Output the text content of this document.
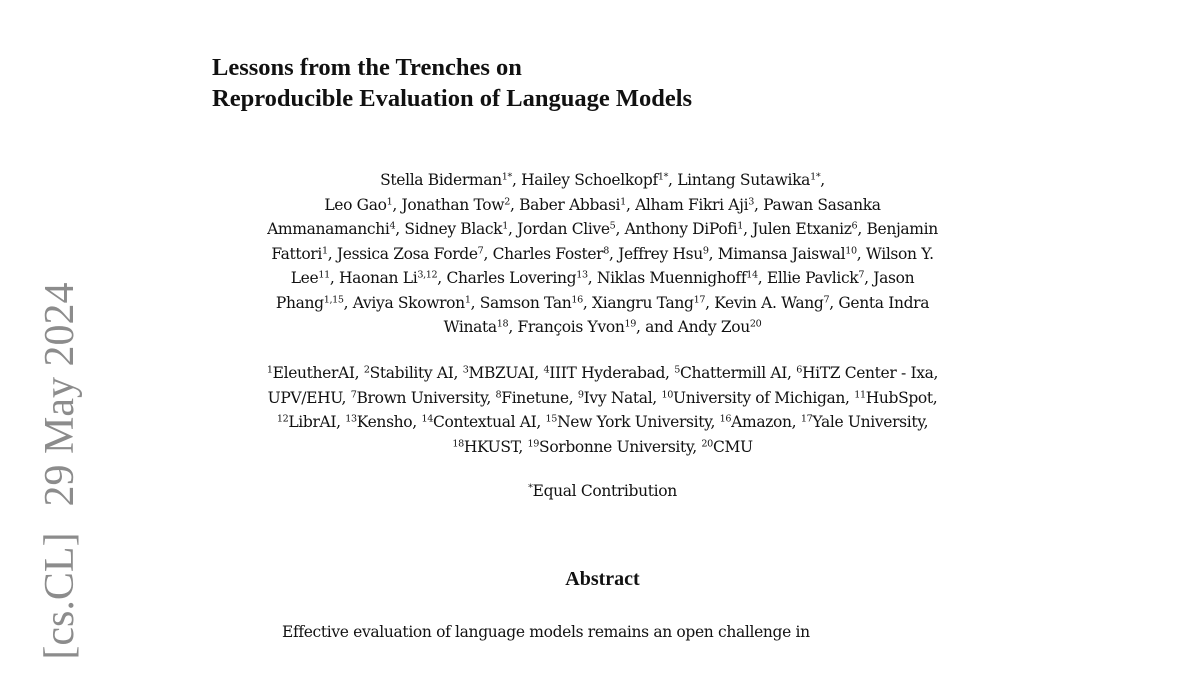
[cs.CL]29 May 2024
Lessons from the Trenches on
Reproducible Evaluation of Language Models

Stella Biderman$^{1*}$, Hailey Schoelkopf$^{1*}$, Lintang Sutawika$^{1*}$,

Leo Gao$^1$, Jonathan Tow$^2$, Baber Abbasi$^1$, Alham Fikri Aji$^3$, Pawan Sasanka

Ammanamanchi$^4$, Sidney Black$^1$, Jordan Clive$^5$, Anthony DiPofi$^1$, Julen Etxaniz$^6$, Benjamin

Fattori$^1$, Jessica Zosa Forde$^7$, Charles Foster$^8$, Jeffrey Hsu$^9$, Mimansa Jaiswal$^{10}$, Wilson Y.

Lee$^{11}$, Haonan Li$^{3,12}$, Charles Lovering$^{13}$, Niklas Muennighoff$^{14}$, Ellie Pavlick$^7$, Jason

Phang$^{1,15}$, Aviya Skowron$^1$, Samson Tan$^{16}$, Xiangru Tang$^{17}$, Kevin A. Wang$^7$, Genta Indra

Winata$^{18}$, François Yvon$^{19}$, and Andy Zou$^{20}$

$^1$EleutherAI, $^2$Stability AI, $^3$MBZUAI, $^4$IIIT Hyderabad, $^5$Chattermill AI, $^6$HiTZ Center - Ixa,

UPV/EHU, $^7$Brown University, $^8$Finetune, $^9$Ivy Natal, $^{10}$University of Michigan, $^{11}$HubSpot,

$^{12}$LibrAI, $^{13}$Kensho, $^{14}$Contextual AI, $^{15}$New York University, $^{16}$Amazon, $^{17}$Yale University,

$^{18}$HKUST, $^{19}$Sorbonne University, $^{20}$CMU

*Equal Contribution
Abstract

Effective evaluation of language models remains an open challenge in
